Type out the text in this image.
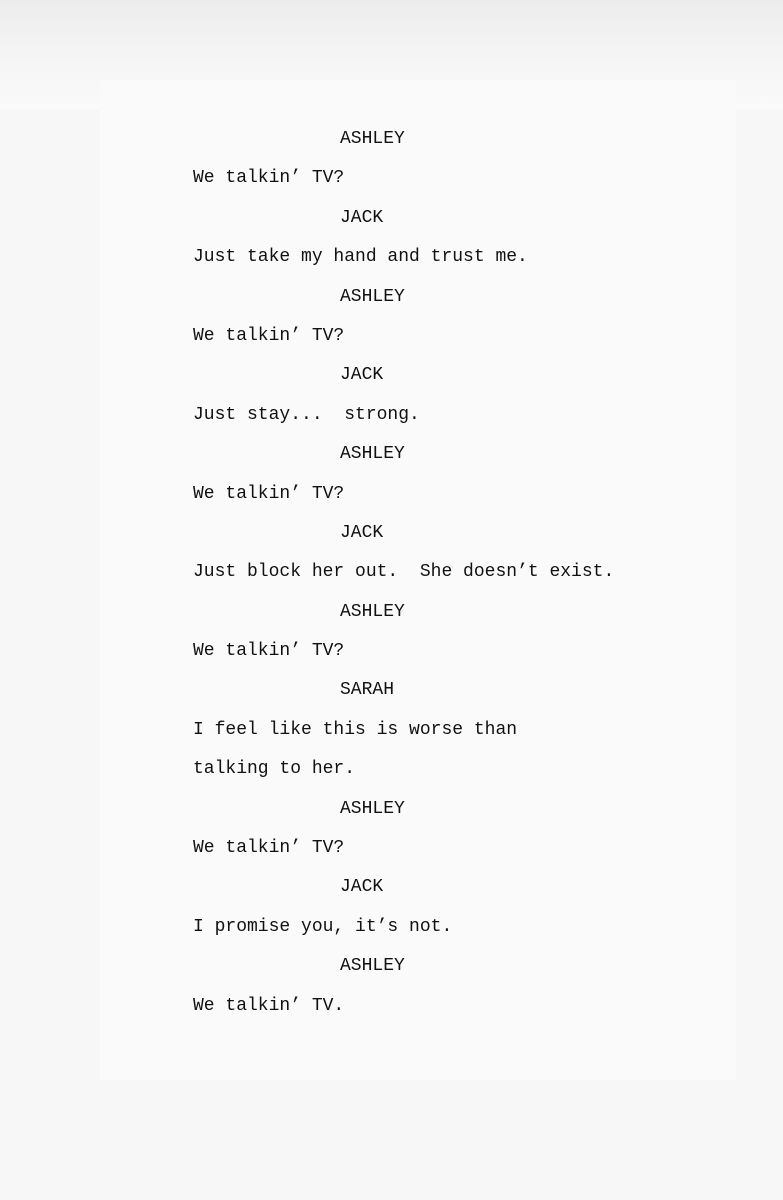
ASHLEY
We talkin’ TV?
JACK
Just take my hand and trust me.
ASHLEY
We talkin’ TV?
JACK
Just stay...  strong.
ASHLEY
We talkin’ TV?
JACK
Just block her out.  She doesn’t exist.
ASHLEY
We talkin’ TV?
SARAH
I feel like this is worse than
talking to her.
ASHLEY
We talkin’ TV?
JACK
I promise you, it’s not.
ASHLEY
We talkin’ TV.
